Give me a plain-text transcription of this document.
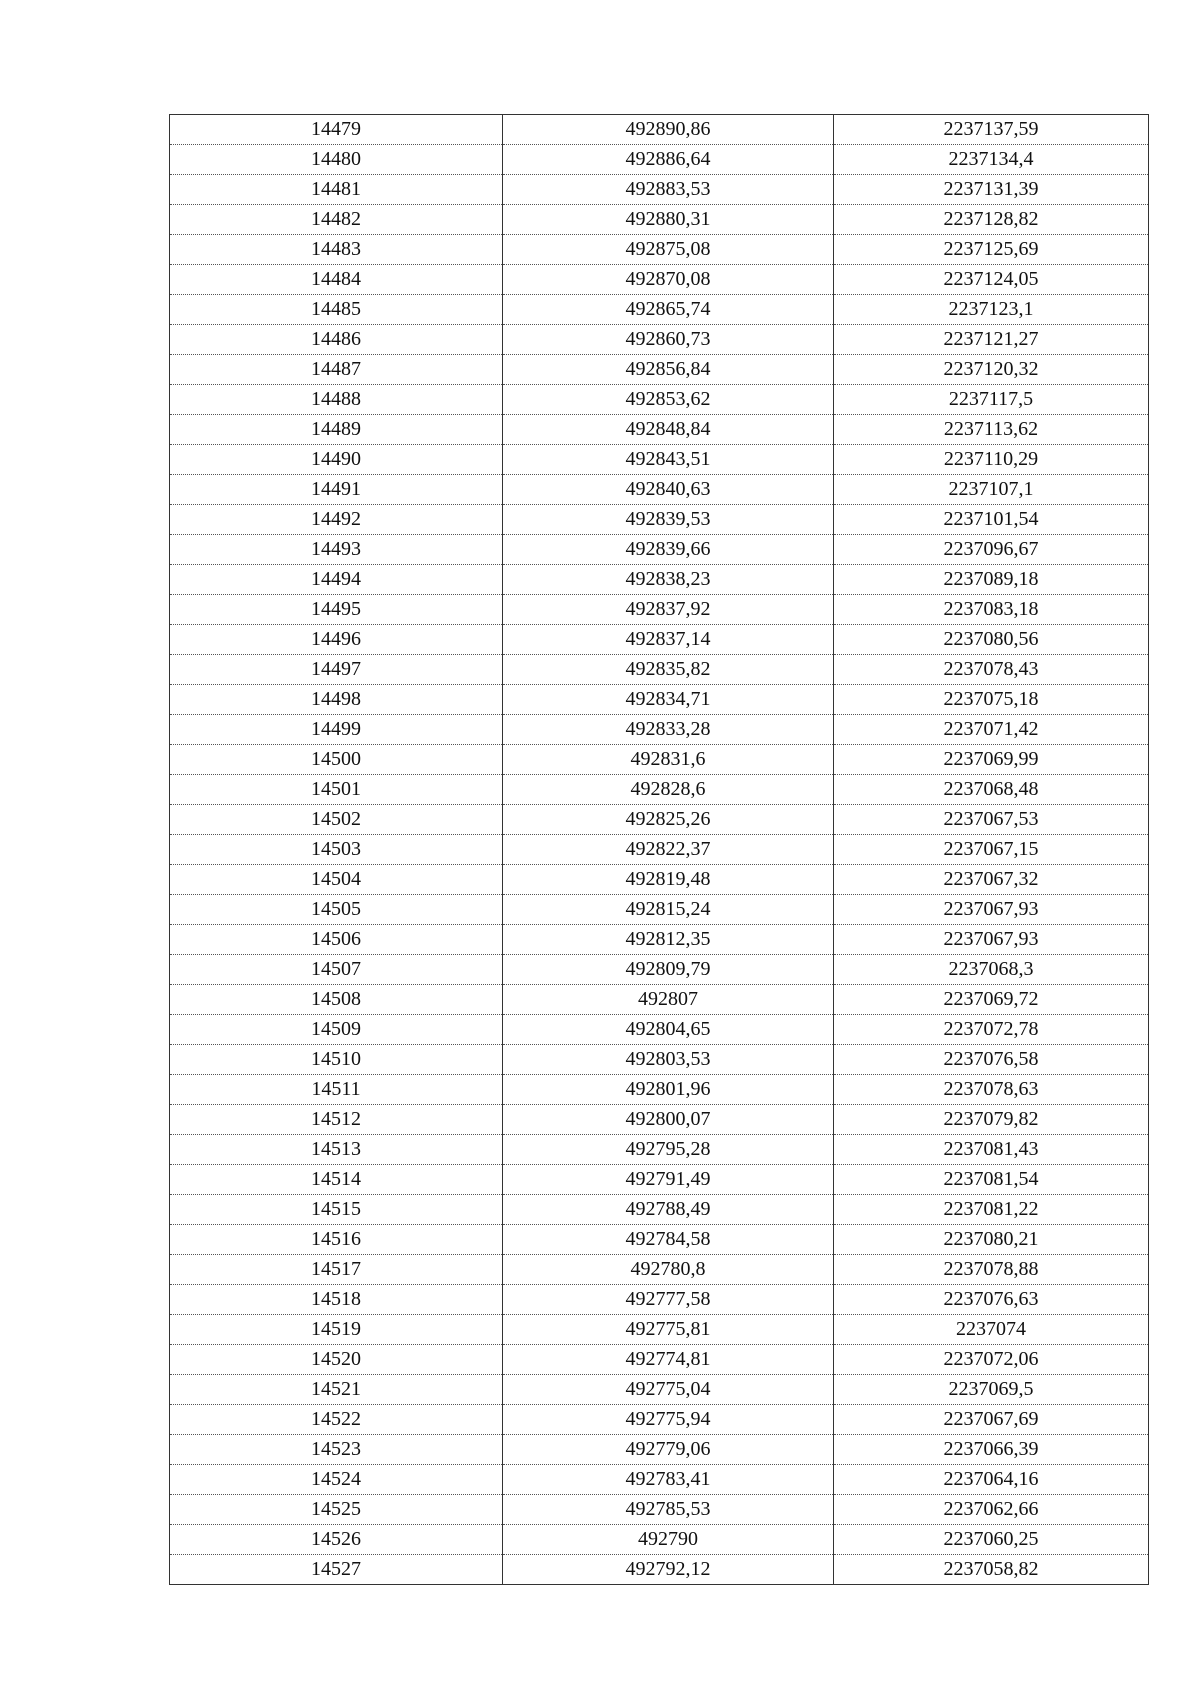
14479	492890,86	2237137,59
14480	492886,64	2237134,4
14481	492883,53	2237131,39
14482	492880,31	2237128,82
14483	492875,08	2237125,69
14484	492870,08	2237124,05
14485	492865,74	2237123,1
14486	492860,73	2237121,27
14487	492856,84	2237120,32
14488	492853,62	2237117,5
14489	492848,84	2237113,62
14490	492843,51	2237110,29
14491	492840,63	2237107,1
14492	492839,53	2237101,54
14493	492839,66	2237096,67
14494	492838,23	2237089,18
14495	492837,92	2237083,18
14496	492837,14	2237080,56
14497	492835,82	2237078,43
14498	492834,71	2237075,18
14499	492833,28	2237071,42
14500	492831,6	2237069,99
14501	492828,6	2237068,48
14502	492825,26	2237067,53
14503	492822,37	2237067,15
14504	492819,48	2237067,32
14505	492815,24	2237067,93
14506	492812,35	2237067,93
14507	492809,79	2237068,3
14508	492807	2237069,72
14509	492804,65	2237072,78
14510	492803,53	2237076,58
14511	492801,96	2237078,63
14512	492800,07	2237079,82
14513	492795,28	2237081,43
14514	492791,49	2237081,54
14515	492788,49	2237081,22
14516	492784,58	2237080,21
14517	492780,8	2237078,88
14518	492777,58	2237076,63
14519	492775,81	2237074
14520	492774,81	2237072,06
14521	492775,04	2237069,5
14522	492775,94	2237067,69
14523	492779,06	2237066,39
14524	492783,41	2237064,16
14525	492785,53	2237062,66
14526	492790	2237060,25
14527	492792,12	2237058,82
